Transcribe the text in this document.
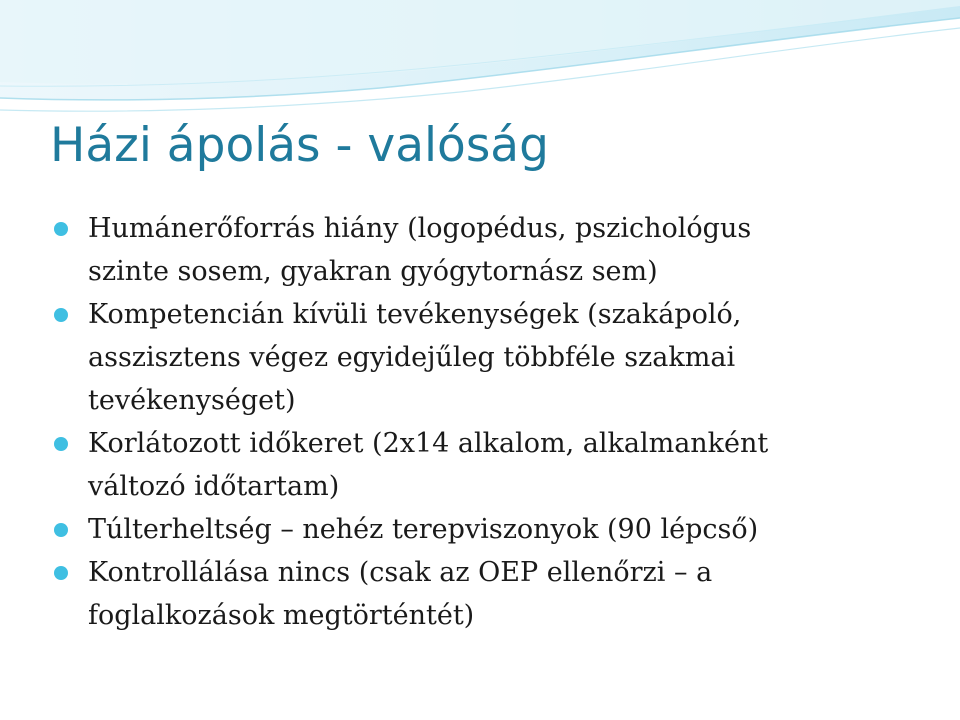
Házi ápolás - valóság
Humánerőforrás hiány (logopédus, pszichológus
szinte sosem, gyakran gyógytornász sem)
Kompetencián kívüli tevékenységek (szakápoló,
asszisztens végez egyidejűleg többféle szakmai
tevékenységet)
Korlátozott időkeret (2x14 alkalom, alkalmanként
változó időtartam)
Túlterheltség – nehéz terepviszonyok (90 lépcső)
Kontrollálása nincs (csak az OEP ellenőrzi – a
foglalkozások megtörténtét)
